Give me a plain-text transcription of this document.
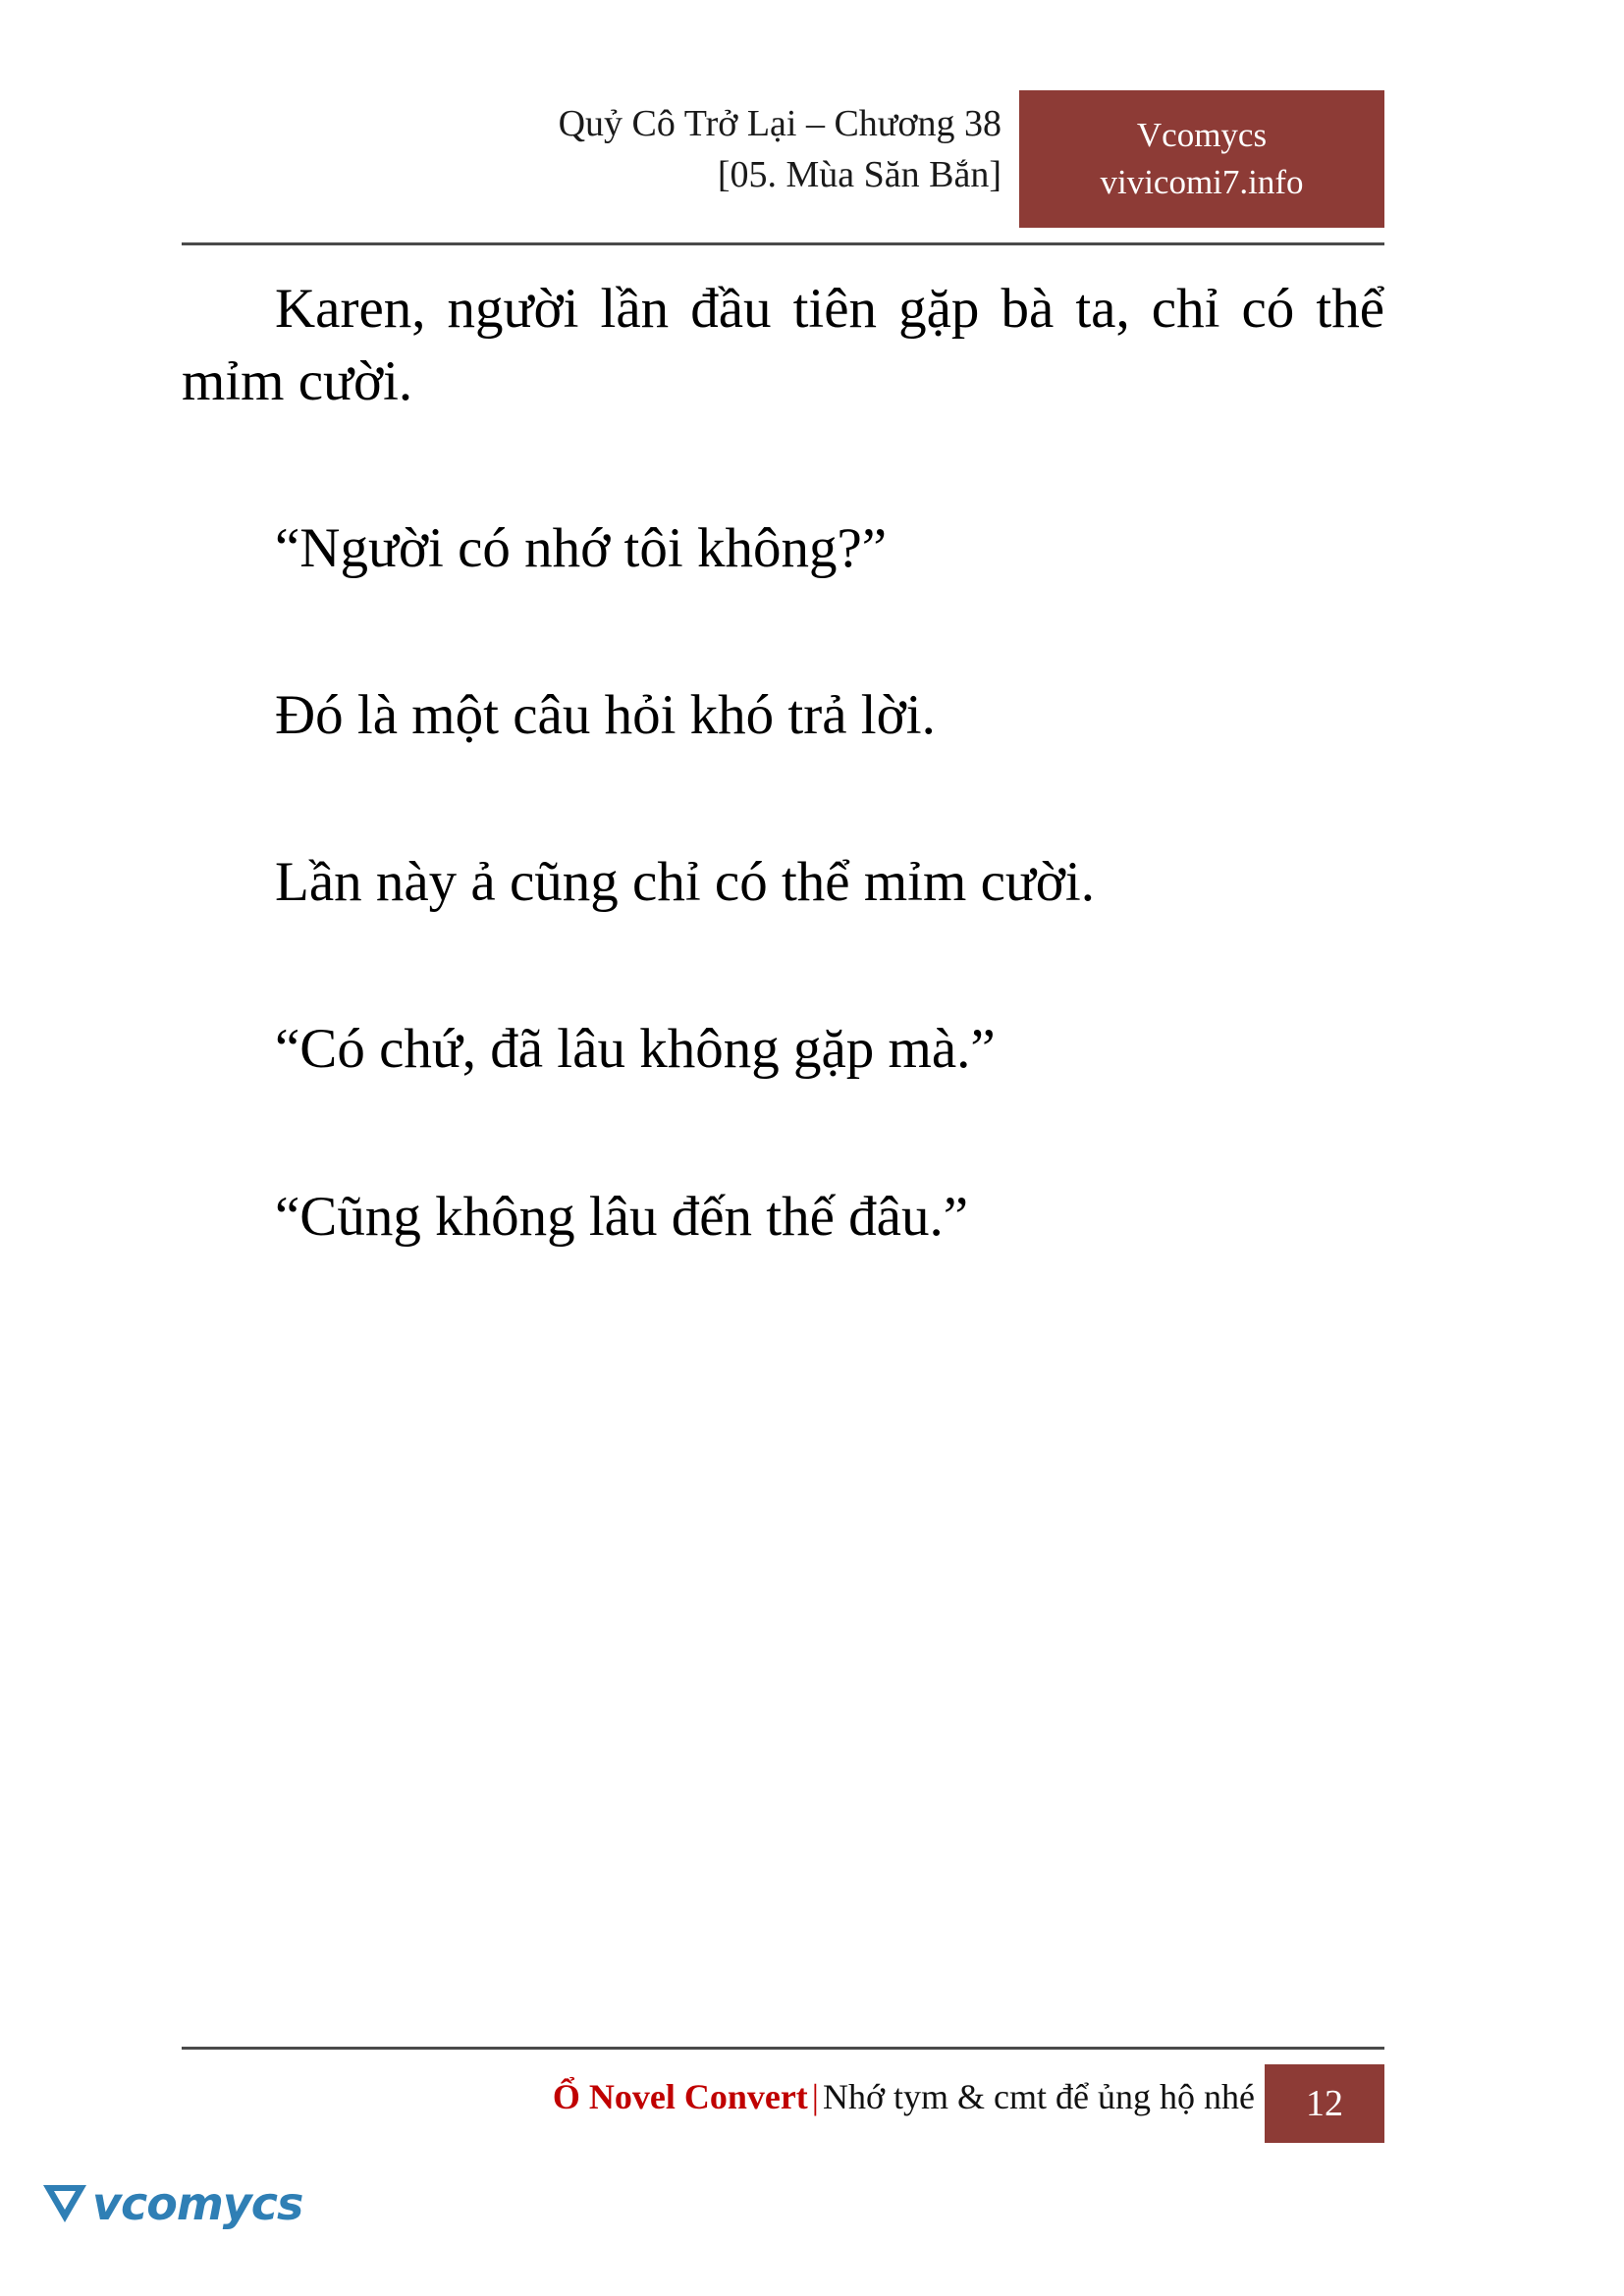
Quỷ Cô Trở Lại – Chương 38
[05. Mùa Săn Bắn]
Vcomycs
vivicomi7.info

Karen, người lần đầu tiên gặp bà ta, chỉ có thể mỉm cười.

“Người có nhớ tôi không?”

Đó là một câu hỏi khó trả lời.

Lần này ả cũng chỉ có thể mỉm cười.

“Có chứ, đã lâu không gặp mà.”

“Cũng không lâu đến thế đâu.”

Ổ Novel Convert | Nhớ tym & cmt để ủng hộ nhé	12
vcomycs
